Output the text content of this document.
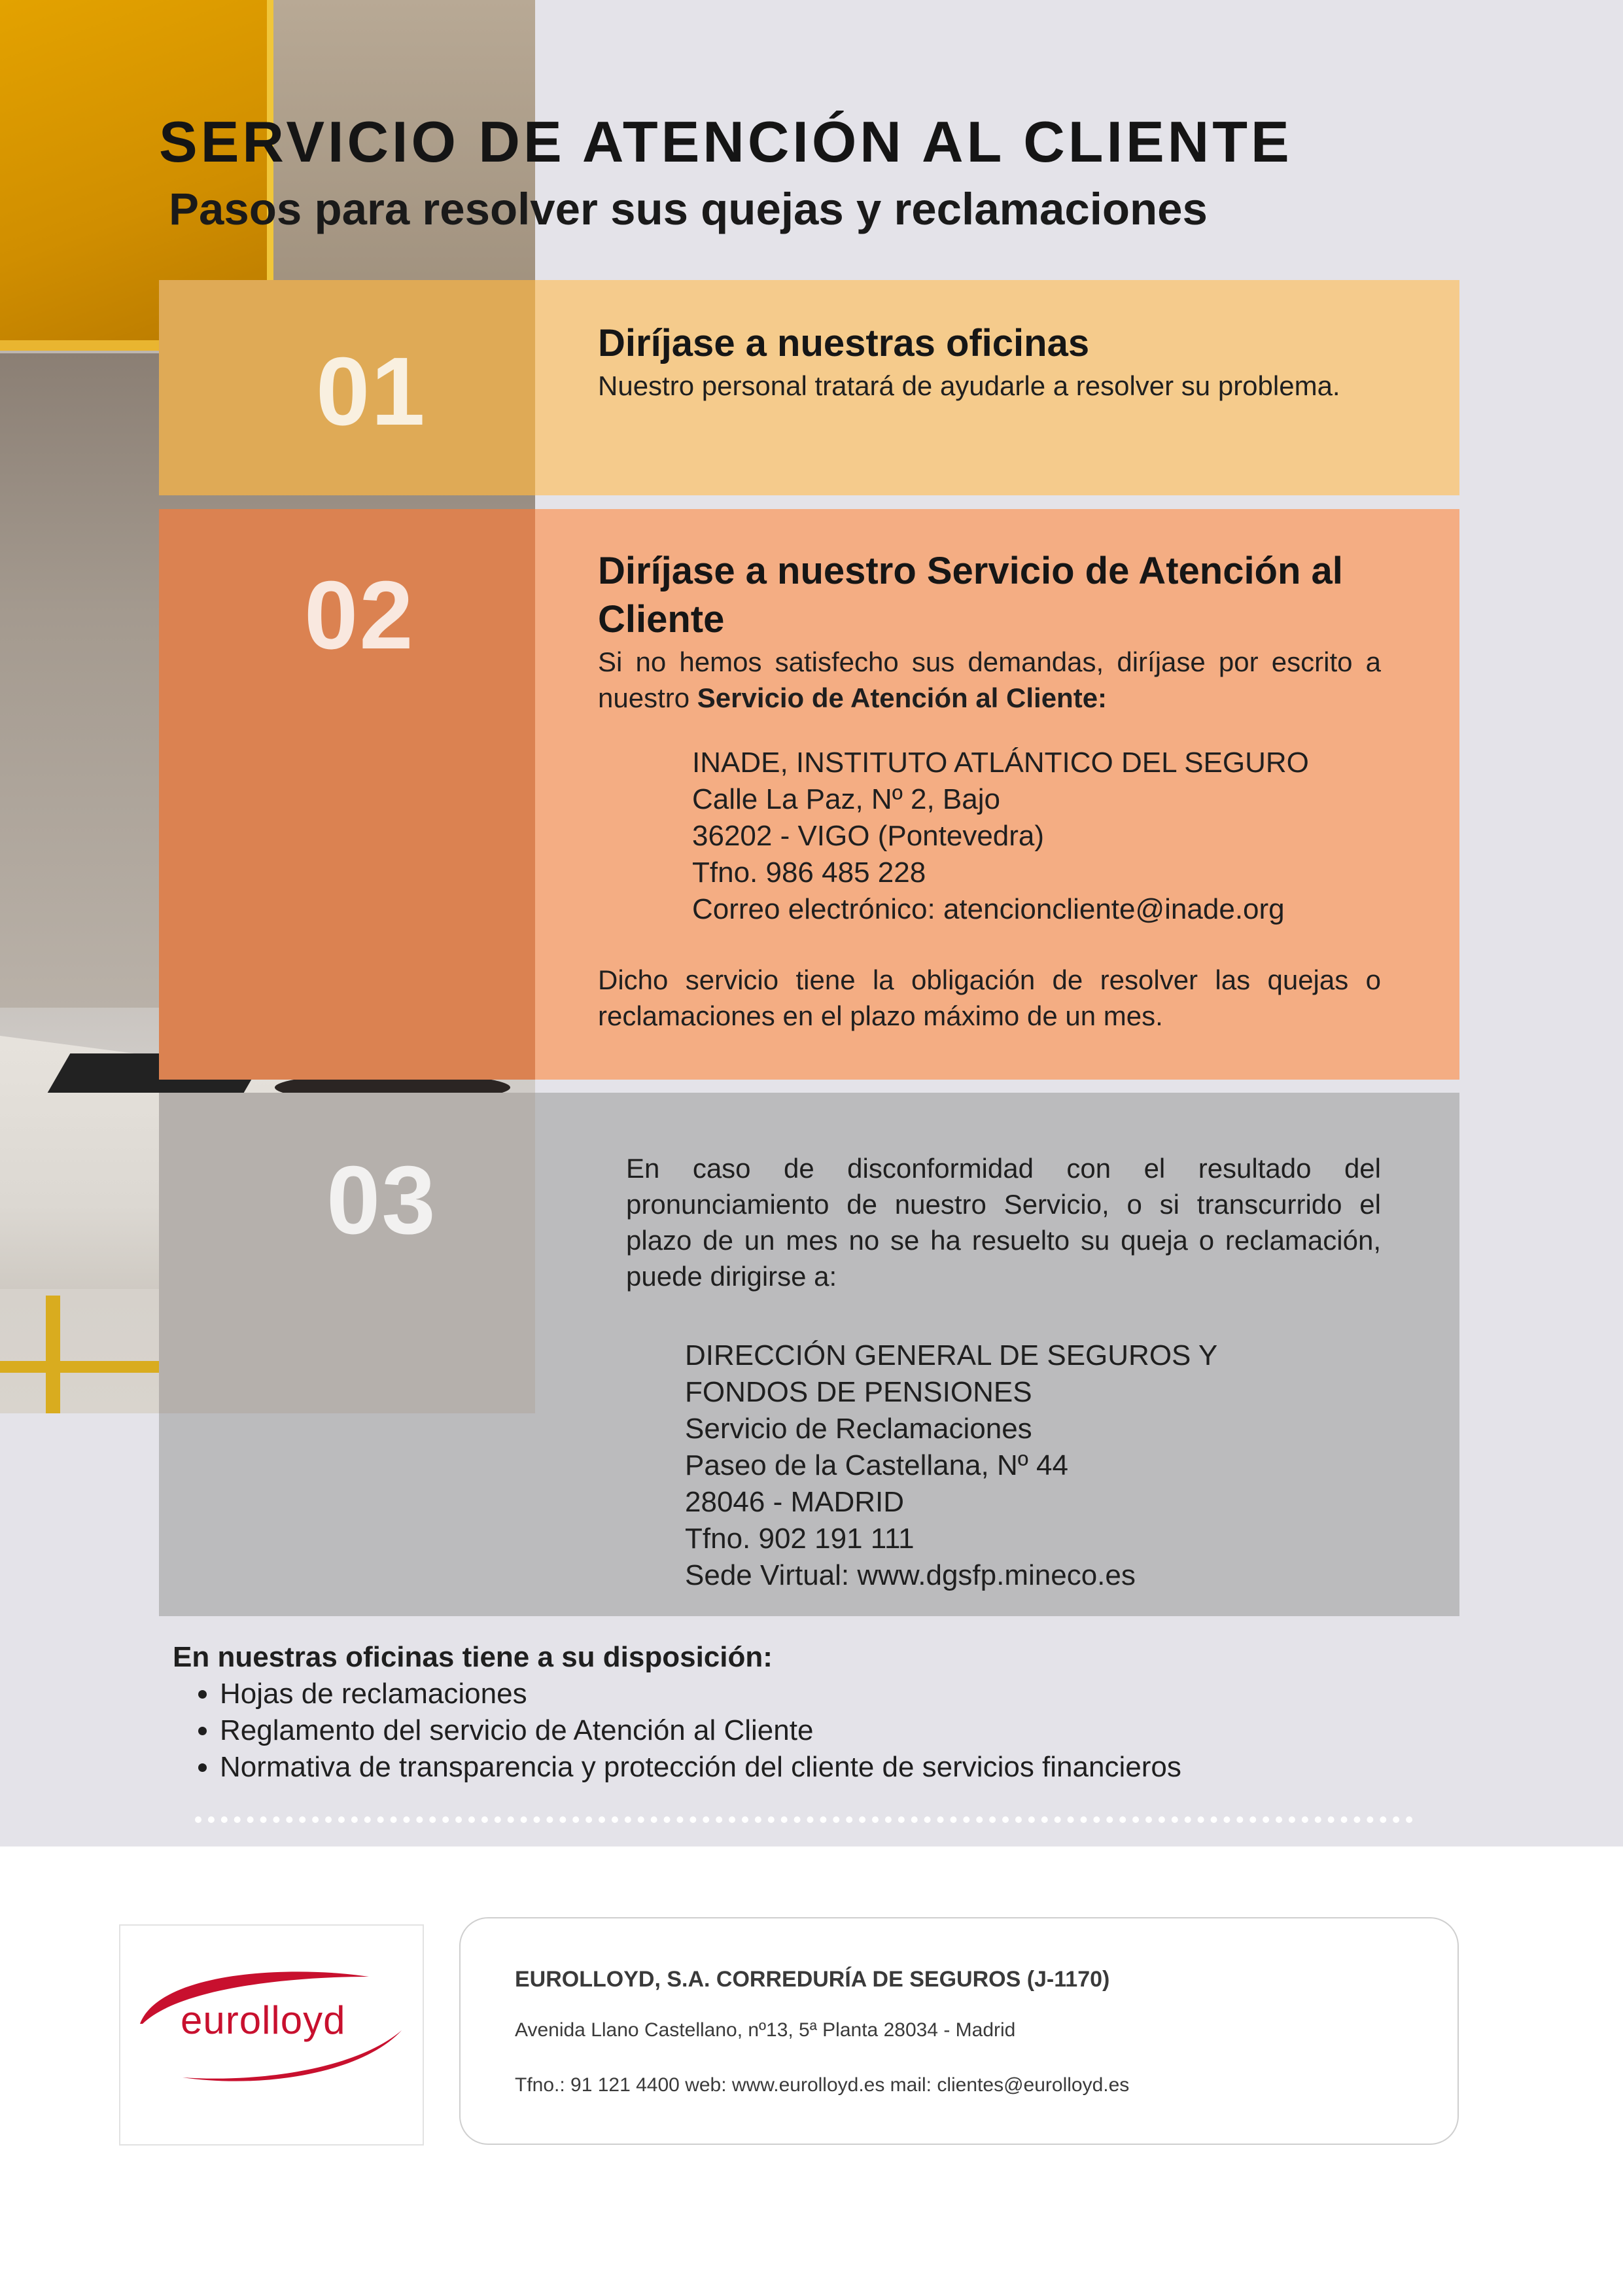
SERVICIO DE ATENCIÓN AL CLIENTE
Pasos para resolver sus quejas y reclamaciones
01	Diríjase a nuestras oficinas

Nuestro personal tratará de ayudarle a resolver su problema.

02	Diríjase a nuestro Servicio de Atención al Cliente

Si no hemos satisfecho sus demandas, diríjase por escrito a nuestro Servicio de Atención al Cliente:

INADE, INSTITUTO ATLÁNTICO DEL SEGURO

Calle La Paz, Nº 2, Bajo

36202 - VIGO (Pontevedra)

Tfno. 986 485 228

Correo electrónico: atencioncliente@inade.org

Dicho servicio tiene la obligación de resolver las quejas o reclamaciones en el plazo máximo de un mes.

03	En caso de disconformidad con el resultado del pronunciamiento de nuestro Servicio, o si transcurrido el plazo de un mes no se ha resuelto su queja o reclamación, puede dirigirse a:

DIRECCIÓN GENERAL DE SEGUROS Y

FONDOS DE PENSIONES

Servicio de Reclamaciones

Paseo de la Castellana, Nº 44

28046 - MADRID

Tfno. 902 191 111

Sede Virtual: www.dgsfp.mineco.es

En nuestras oficinas tiene a su disposición:

• Hojas de reclamaciones
• Reglamento del servicio de Atención al Cliente
• Normativa de transparencia y protección del cliente de servicios financieros
eurolloyd

EUROLLOYD, S.A. CORREDURÍA DE SEGUROS (J-1170)

Avenida Llano Castellano, nº13, 5ª Planta 28034 - Madrid

Tfno.: 91 121 4400 web: www.eurolloyd.es mail: clientes@eurolloyd.es
